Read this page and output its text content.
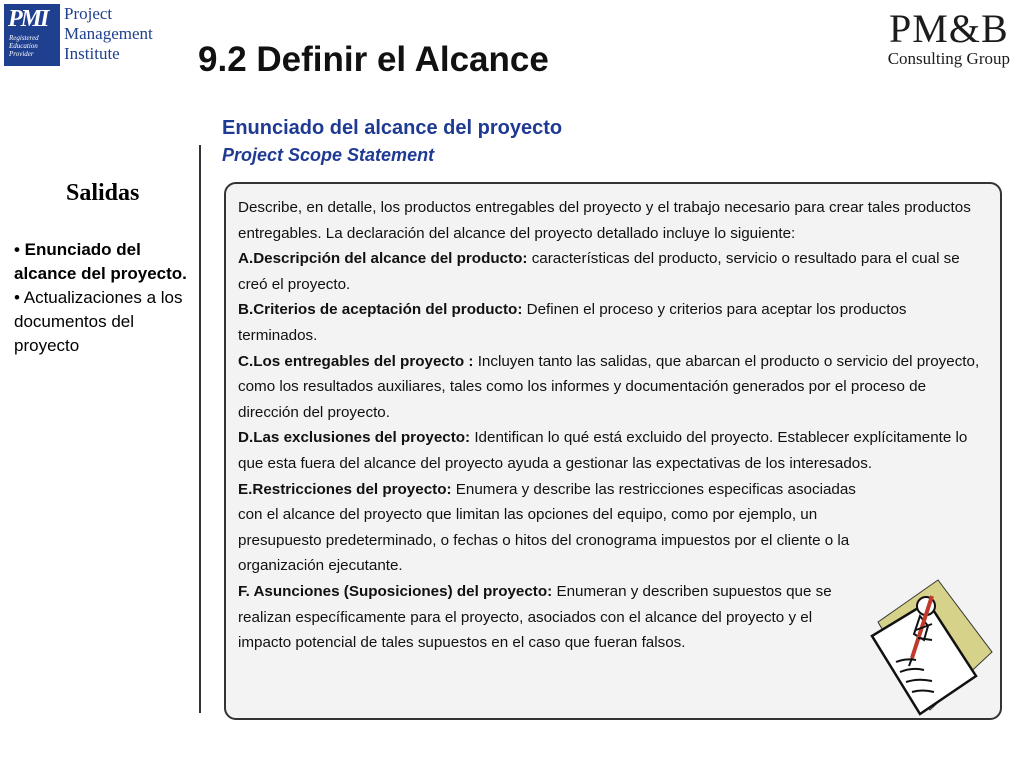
PMI
Registered
Education
Provider
Project
Management
Institute
PM&B
Consulting Group
9.2 Definir el Alcance
Enunciado del alcance del proyecto
Project Scope Statement
Salidas

• Enunciado del alcance del proyecto.

• Actualizaciones a los documentos del proyecto

Describe, en detalle, los productos entregables del proyecto y el trabajo necesario para crear tales productos entregables. La declaración del alcance del proyecto detallado incluye lo siguiente:

A.Descripción del alcance del producto: características del producto, servicio o resultado para el cual se creó el proyecto.

B.Criterios de aceptación del producto: Definen el proceso y criterios para aceptar los productos terminados.

C.Los entregables del proyecto : Incluyen tanto las salidas, que abarcan el producto o servicio del proyecto, como los resultados auxiliares, tales como los informes y documentación generados por el proceso de dirección del proyecto.

D.Las exclusiones del proyecto: Identifican lo qué está excluido del proyecto. Establecer explícitamente lo que esta fuera del alcance del proyecto ayuda a gestionar las expectativas de los interesados.

E.Restricciones del proyecto: Enumera y describe las restricciones especificas asociadas con el alcance del proyecto que limitan las opciones del equipo, como por ejemplo, un presupuesto predeterminado, o fechas o hitos del cronograma impuestos por el cliente o la organización ejecutante.

F. Asunciones (Suposiciones) del proyecto: Enumeran y describen supuestos que se realizan específicamente para el proyecto, asociados con el alcance del proyecto y el impacto potencial de tales supuestos en el caso que fueran falsos.
